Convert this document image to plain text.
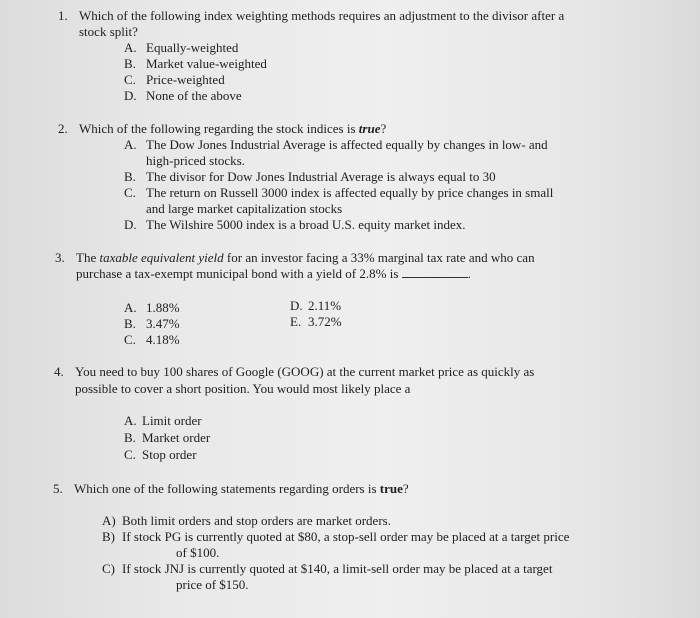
1. Which of the following index weighting methods requires an adjustment to the divisor after a
stock split?
A. Equally-weighted
B. Market value-weighted
C. Price-weighted
D. None of the above
2. Which of the following regarding the stock indices is true?
A. The Dow Jones Industrial Average is affected equally by changes in low- and
high-priced stocks.
B. The divisor for Dow Jones Industrial Average is always equal to 30
C. The return on Russell 3000 index is affected equally by price changes in small
and large market capitalization stocks
D. The Wilshire 5000 index is a broad U.S. equity market index.
3. The taxable equivalent yield for an investor facing a 33% marginal tax rate and who can
purchase a tax-exempt municipal bond with a yield of 2.8% is	.
A. 1.88%
B. 3.47%
C. 4.18%
D. 2.11%
E. 3.72%
4. You need to buy 100 shares of Google (GOOG) at the current market price as quickly as
possible to cover a short position. You would most likely place a
A. Limit order
B. Market order
C. Stop order
5. Which one of the following statements regarding orders is true?
A) Both limit orders and stop orders are market orders.
B) If stock PG is currently quoted at $80, a stop-sell order may be placed at a target price
of $100.
C) If stock JNJ is currently quoted at $140, a limit-sell order may be placed at a target
price of $150.
